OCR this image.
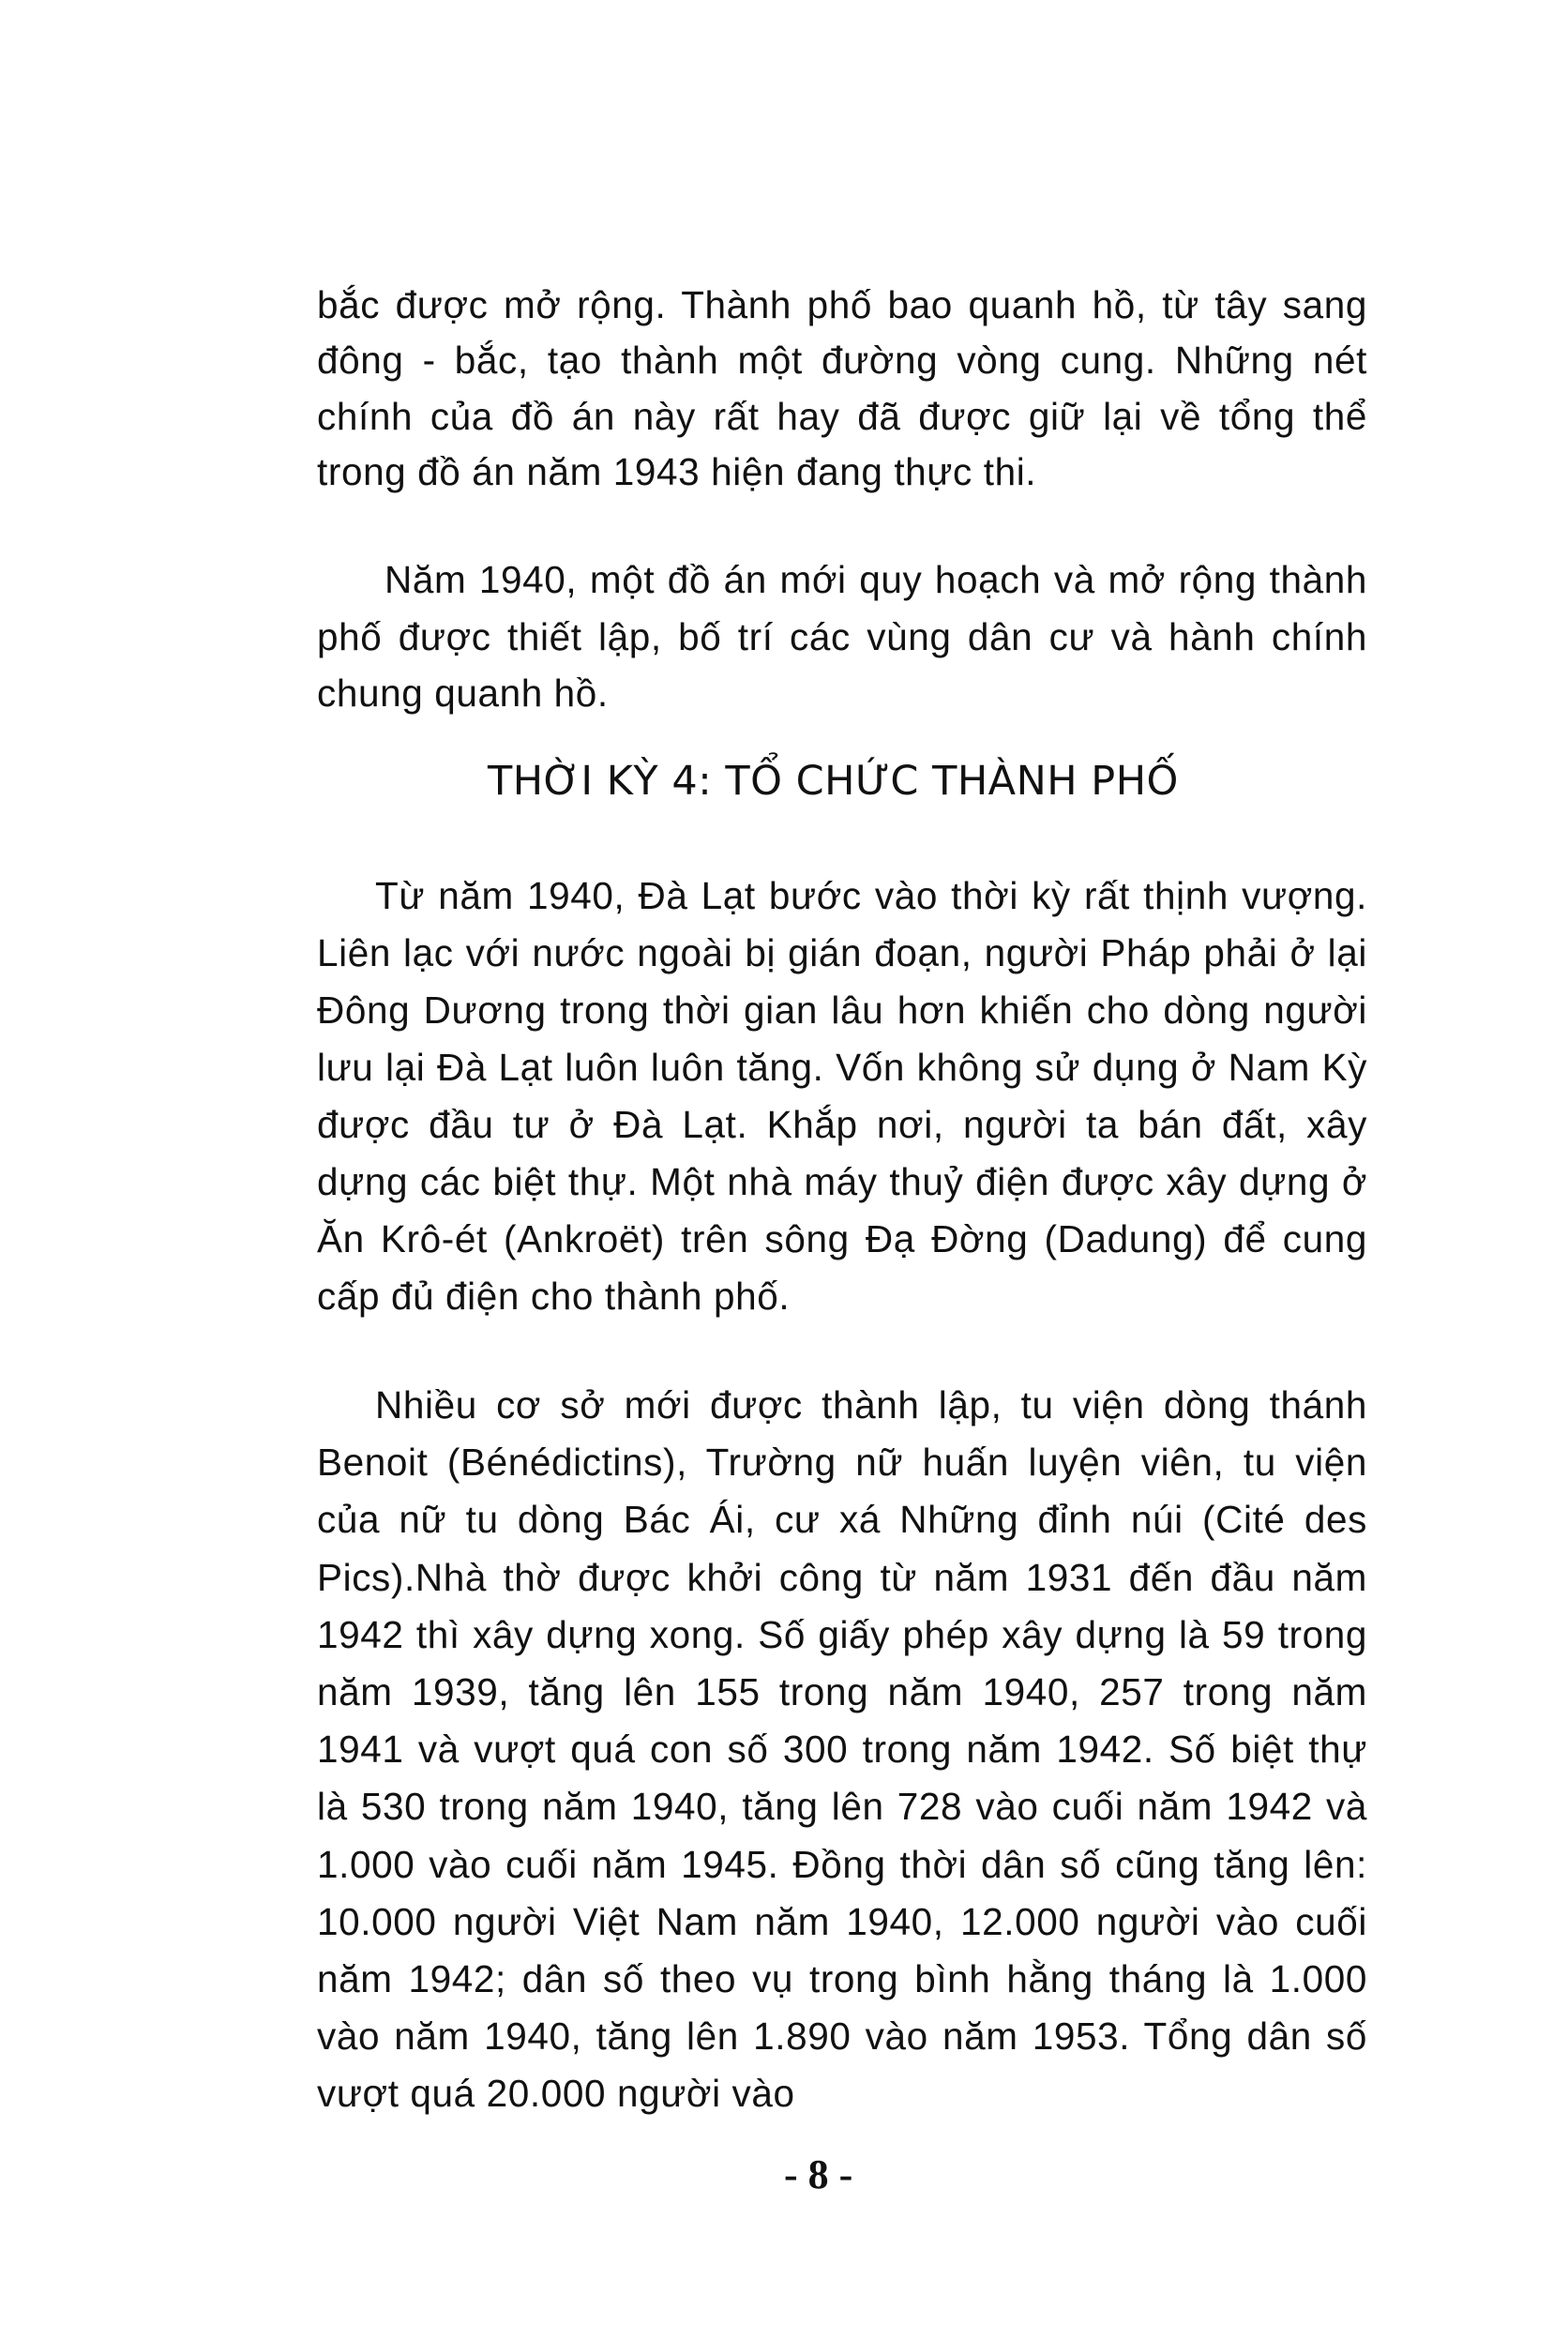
bắc được mở rộng. Thành phố bao quanh hồ, từ tây sang đông - bắc, tạo thành một đường vòng cung. Những nét chính của đồ án này rất hay đã được giữ lại về tổng thể trong đồ án năm 1943 hiện đang thực thi.

Năm 1940, một đồ án mới quy hoạch và mở rộng thành phố được thiết lập, bố trí các vùng dân cư và hành chính chung quanh hồ.

THỜI KỲ 4: TỔ CHỨC THÀNH PHỐ

Từ năm 1940, Đà Lạt bước vào thời kỳ rất thịnh vượng. Liên lạc với nước ngoài bị gián đoạn, người Pháp phải ở lại Đông Dương trong thời gian lâu hơn khiến cho dòng người lưu lại Đà Lạt luôn luôn tăng. Vốn không sử dụng ở Nam Kỳ được đầu tư ở Đà Lạt. Khắp nơi, người ta bán đất, xây dựng các biệt thự. Một nhà máy thuỷ điện được xây dựng ở Ăn Krô-ét (Ankroët) trên sông Đạ Đờng (Dadung) để cung cấp đủ điện cho thành phố.

Nhiều cơ sở mới được thành lập, tu viện dòng thánh Benoit (Bénédictins), Trường nữ huấn luyện viên, tu viện của nữ tu dòng Bác Ái, cư xá Những đỉnh núi (Cité des Pics).Nhà thờ được khởi công từ năm 1931 đến đầu năm 1942 thì xây dựng xong. Số giấy phép xây dựng là 59 trong năm 1939, tăng lên 155 trong năm 1940, 257 trong năm 1941 và vượt quá con số 300 trong năm 1942. Số biệt thự là 530 trong năm 1940, tăng lên 728 vào cuối năm 1942 và 1.000 vào cuối năm 1945. Đồng thời dân số cũng tăng lên: 10.000 người Việt Nam năm 1940, 12.000 người vào cuối năm 1942; dân số theo vụ trong bình hằng tháng là 1.000 vào năm 1940, tăng lên 1.890 vào năm 1953. Tổng dân số vượt quá 20.000 người vào

- 8 -
